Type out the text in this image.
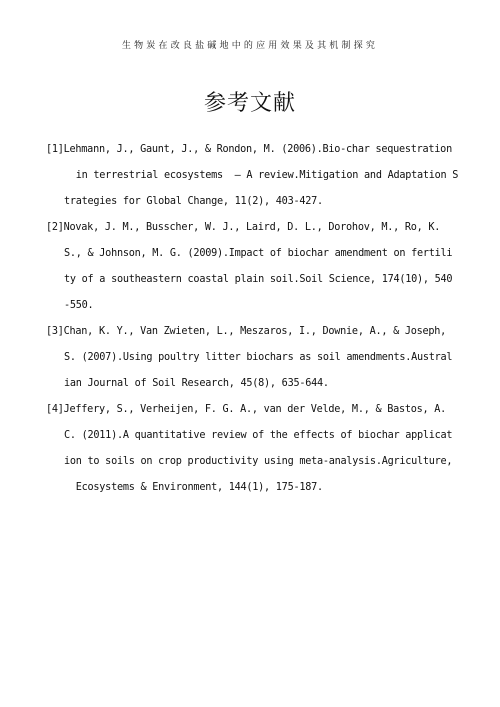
生物炭在改良盐碱地中的应用效果及其机制探究
参考文献
[1]Lehmann, J., Gaunt, J., & Rondon, M. (2006).Bio-char sequestration
in terrestrial ecosystems  – A review.Mitigation and Adaptation S
trategies for Global Change, 11(2), 403-427.
[2]Novak, J. M., Busscher, W. J., Laird, D. L., Dorohov, M., Ro, K.
S., & Johnson, M. G. (2009).Impact of biochar amendment on fertili
ty of a southeastern coastal plain soil.Soil Science, 174(10), 540
-550.
[3]Chan, K. Y., Van Zwieten, L., Meszaros, I., Downie, A., & Joseph,
S. (2007).Using poultry litter biochars as soil amendments.Austral
ian Journal of Soil Research, 45(8), 635-644.
[4]Jeffery, S., Verheijen, F. G. A., van der Velde, M., & Bastos, A.
C. (2011).A quantitative review of the effects of biochar applicat
ion to soils on crop productivity using meta-analysis.Agriculture,
Ecosystems & Environment, 144(1), 175-187.
